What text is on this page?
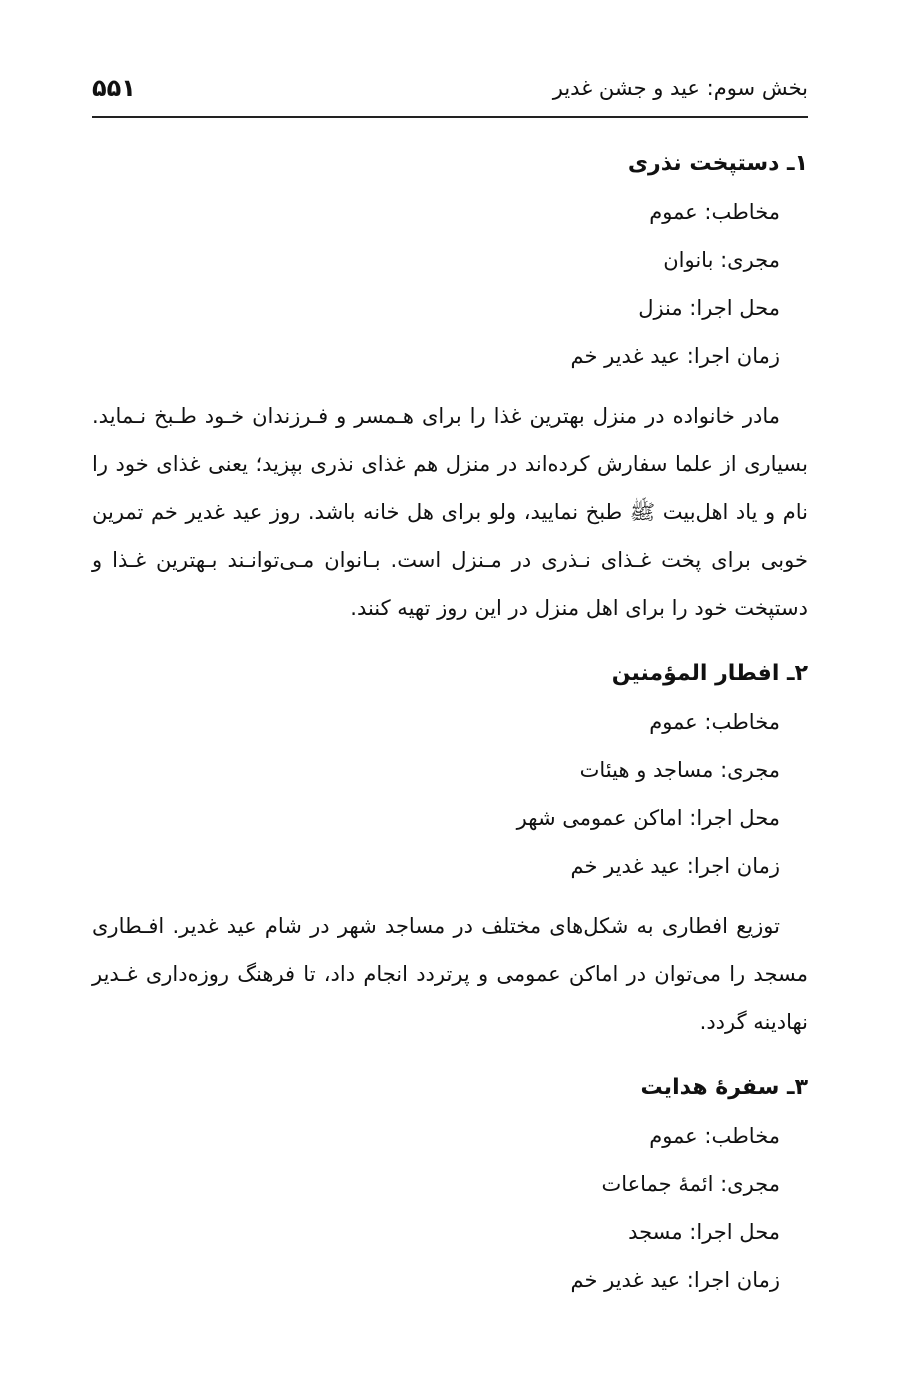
بخش سوم: عید و جشن غدیر
۵۵۱
۱ـ دستپخت نذری
مخاطب: عموم
مجری: بانوان
محل اجرا: منزل
زمان اجرا: عید غدیر خم

مادر خانواده در منزل بهترین غذا را برای هـمسر و فـرزندان خـود طـبخ نـماید. بسیاری از علما سفارش کرده‌اند در منزل هم غذای نذری بپزید؛ یعنی غذای خود را نام و یاد اهل‌بیت ﷺ طبخ نمایید، ولو برای هل خانه باشد. روز عید غدیر خم تمرین خوبی برای پخت غـذای نـذری در مـنزل است. بـانوان مـی‌توانـند بـهترین غـذا و دستپخت خود را برای اهل منزل در این روز تهیه کنند.

۲ـ افطار المؤمنین
مخاطب: عموم
مجری: مساجد و هیئات
محل اجرا: اماکن عمومی شهر
زمان اجرا: عید غدیر خم

توزیع افطاری به شکل‌های مختلف در مساجد شهر در شام عید غدیر. افـطاری مسجد را می‌توان در اماکن عمومی و پرتردد انجام داد، تا فرهنگ روزه‌داری غـدیر نهادینه گردد.

۳ـ سفرهٔ هدایت
مخاطب: عموم
مجری: ائمهٔ جماعات
محل اجرا: مسجد
زمان اجرا: عید غدیر خم
